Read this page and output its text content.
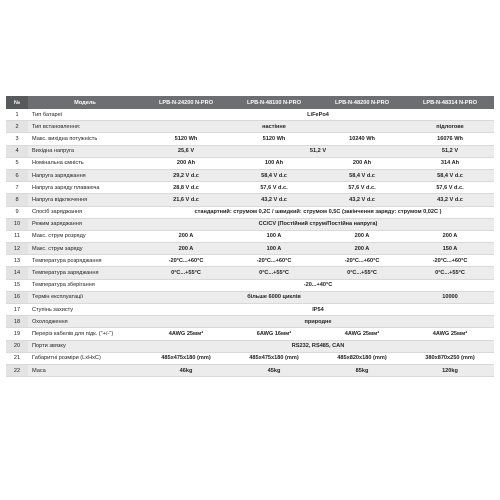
№	Модель	LPB-N-24200 N-PRO	LPB-N-48100 N-PRO	LPB-N-48200 N-PRO	LPB-N-48314 N-PRO
1	Тип батареї	LiFePo4			
2	Тип встановлення:	настінне			підлогове
3	Макс. вихідна потужність	5120 Wh	5120 Wh	10240 Wh	16076 Wh
4	Вихідна напруга	25,6 V	51,2 V		51,2 V
5	Номінальна ємність	200 Ah	100 Ah	200 Ah	314 Ah
6	Напруга заряджання	29,2 V d.c	58,4 V d.c	58,4 V d.c	58,4 V d.c
7	Напруга заряду плаваюча	28,8 V d.c	57,6 V d.c.	57,6 V d.c.	57,6 V d.c.
8	Напруга відключення	21,6 V d.c	43,2 V d.c	43,2 V d.c	43,2 V d.c
9	Спосіб заряджання	стандартний: струмом 0,2C / швидкий: струмом 0,5C (закінчення заряду: струмом 0,02C )			
10	Режим заряджання	CC/CV (Постійний струм/Постійна напруга)			
11	Макс. струм розряду	200 A	100 A	200 A	200 A
12	Макс. струм заряду	200 A	100 A	200 A	150 A
13	Температура розряджання	-20°C...+60°C	-20°C...+60°C	-20°C...+60°C	-20°C...+60°C
14	Температура заряджання	0°C...+55°C	0°C...+55°C	0°C...+55°C	0°C...+55°C
15	Температура зберігання	-20...+40°C			
16	Термін експлуатації	більше 6000 циклів			10000
17	Ступінь захисту	IP54			
18	Охолодження	природне			
19	Переріз кабелів для підк. ("+/-")	4AWG 25мм²	6AWG 16мм²	4AWG 25мм²	4AWG 25мм²
20	Порти звязку	RS232, RS485, CAN			
21	Габаритні розміри (LxHxC)	485x475x180 (mm)	485x475x180 (mm)	485x820x180 (mm)	380x870x250 (mm)
22	Маса	46kg	45kg	85kg	120kg
